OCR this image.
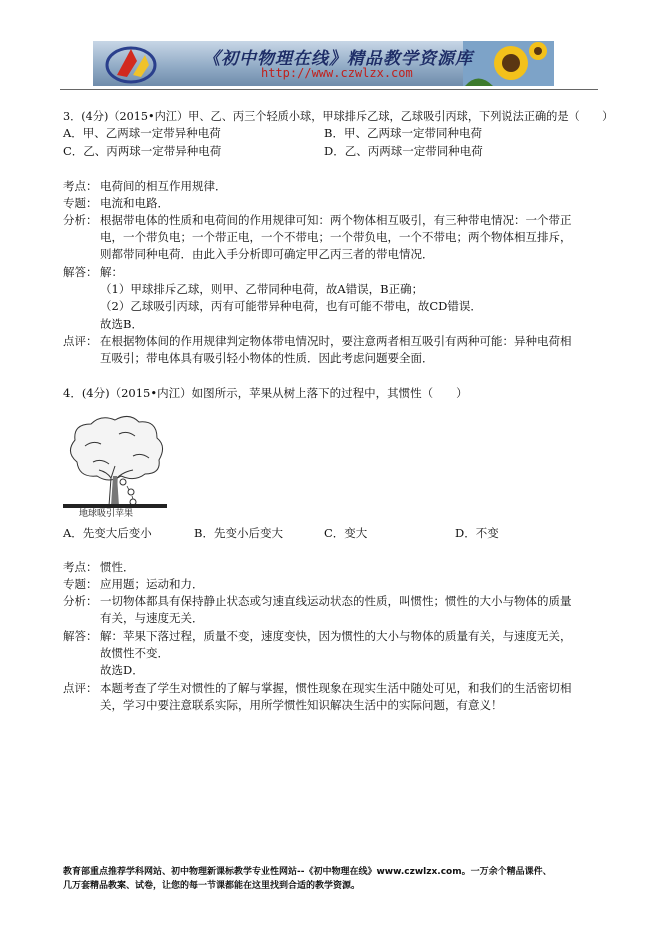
《初中物理在线》精品教学资源库
http://www.czwlzx.com
3．(4分)（2015•内江）甲、乙、丙三个轻质小球，甲球排斥乙球，乙球吸引丙球，下列说法正确的是（　　）
A．甲、乙两球一定带异种电荷	B．甲、乙两球一定带同种电荷
C．乙、丙两球一定带异种电荷	D．乙、丙两球一定带同种电荷
考点： 电荷间的相互作用规律．
专题： 电流和电路．
分析： 根据带电体的性质和电荷间的作用规律可知：两个物体相互吸引，有三种带电情况：一个带正
电，一个带负电；一个带正电，一个不带电；一个带负电，一个不带电；两个物体相互排斥，
则都带同种电荷．由此入手分析即可确定甲乙丙三者的带电情况．
解答： 解：
（1）甲球排斥乙球，则甲、乙带同种电荷，故A错误，B正确；
（2）乙球吸引丙球，丙有可能带异种电荷，也有可能不带电，故CD错误．
故选B．
点评： 在根据物体间的作用规律判定物体带电情况时，要注意两者相互吸引有两种可能：异种电荷相
互吸引；带电体具有吸引轻小物体的性质．因此考虑问题要全面．
4．(4分)（2015•内江）如图所示，苹果从树上落下的过程中，其惯性（　　）
地球吸引苹果
A．先变大后变小	B．先变小后变大	C．变大	D．不变
考点： 惯性．
专题： 应用题；运动和力．
分析： 一切物体都具有保持静止状态或匀速直线运动状态的性质，叫惯性；惯性的大小与物体的质量
有关，与速度无关．
解答： 解：苹果下落过程，质量不变，速度变快，因为惯性的大小与物体的质量有关，与速度无关，
故惯性不变．
故选D．
点评： 本题考查了学生对惯性的了解与掌握，惯性现象在现实生活中随处可见，和我们的生活密切相
关，学习中要注意联系实际，用所学惯性知识解决生活中的实际问题，有意义！
教育部重点推荐学科网站、初中物理新课标教学专业性网站--《初中物理在线》www.czwlzx.com。一万余个精品课件、
几万套精品教案、试卷，让您的每一节课都能在这里找到合适的教学资源。
